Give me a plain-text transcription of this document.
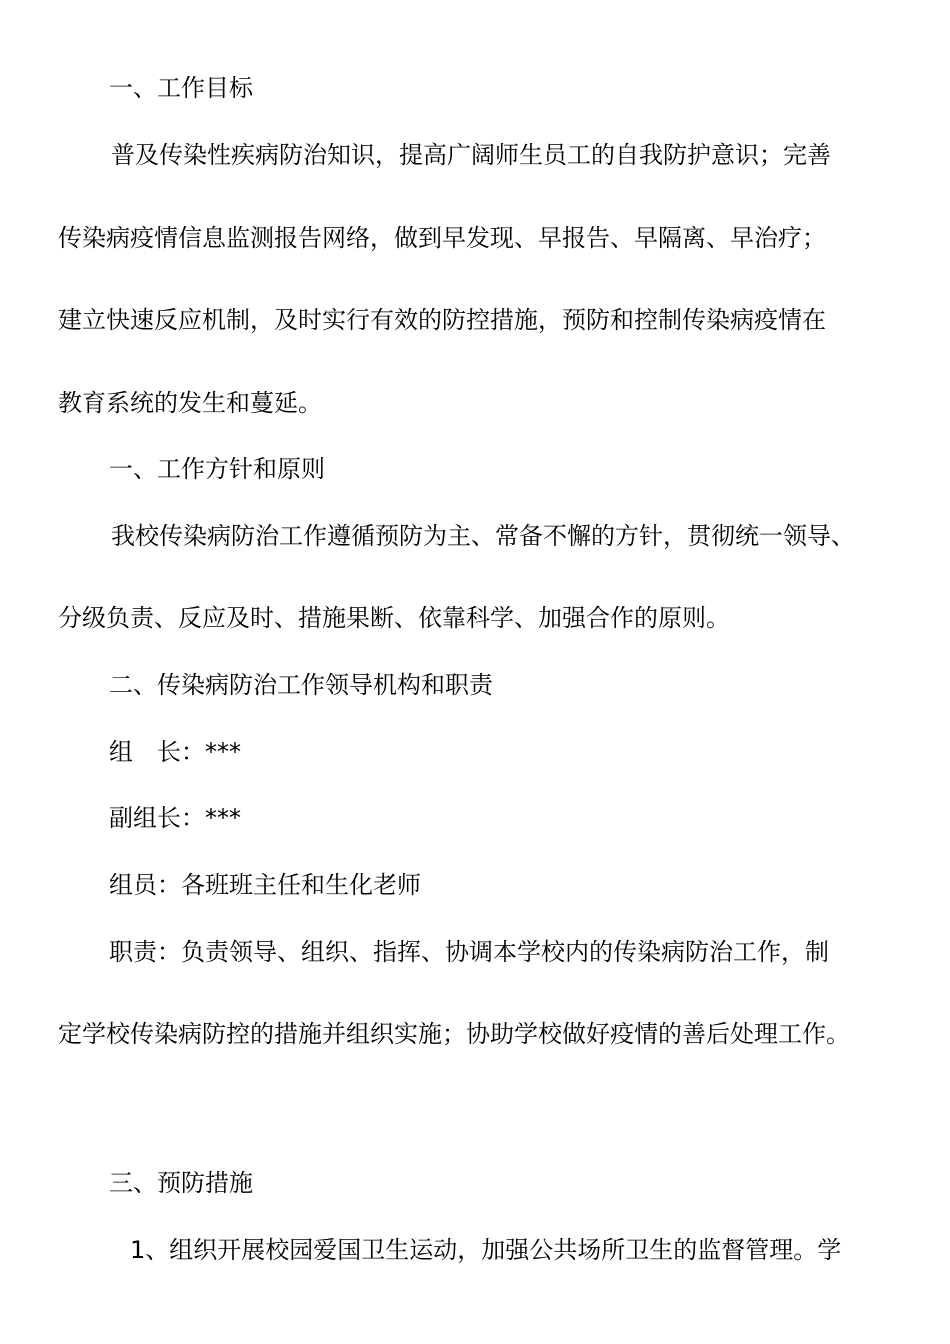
一、工作目标

普及传染性疾病防治知识，提高广阔师生员工的自我防护意识；完善

传染病疫情信息监测报告网络，做到早发现、早报告、早隔离、早治疗；

建立快速反应机制，及时实行有效的防控措施，预防和控制传染病疫情在

教育系统的发生和蔓延。

一、工作方针和原则

我校传染病防治工作遵循预防为主、常备不懈的方针，贯彻统一领导、

分级负责、反应及时、措施果断、依靠科学、加强合作的原则。

二、传染病防治工作领导机构和职责

组　长：***

副组长：***

组员：各班班主任和生化老师

职责：负责领导、组织、指挥、协调本学校内的传染病防治工作，制

定学校传染病防控的措施并组织实施；协助学校做好疫情的善后处理工作。

三、预防措施

1、组织开展校园爱国卫生运动，加强公共场所卫生的监督管理。学
